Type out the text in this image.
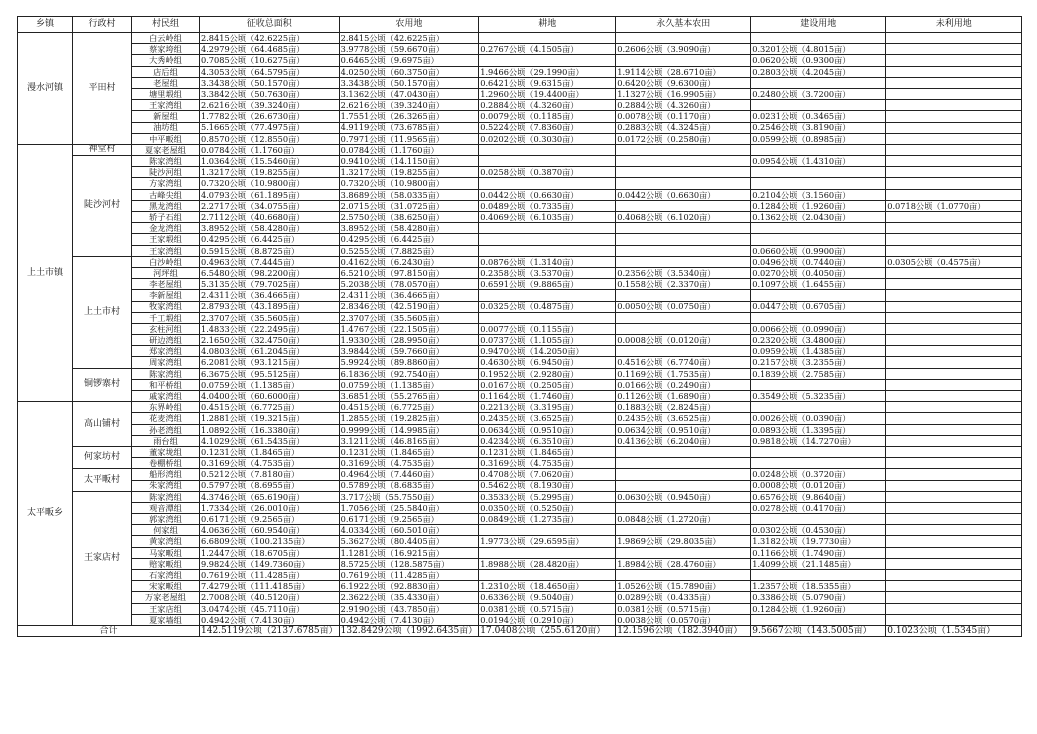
乡镇	行政村	村民组	征收总面积	农用地	耕地	永久基本农田	建设用地	未利用地
漫水河镇	平田村	白云岭组	2.8415公顷（42.6225亩）	2.8415公顷（42.6225亩）				
		蔡家垮组	4.2979公顷（64.4685亩）	3.9778公顷（59.6670亩）	0.2767公顷（4.1505亩）	0.2606公顷（3.9090亩）	0.3201公顷（4.8015亩）	
		大秀岭组	0.7085公顷（10.6275亩）	0.6465公顷（9.6975亩）			0.0620公顷（0.9300亩）	
		店后组	4.3053公顷（64.5795亩）	4.0250公顷（60.3750亩）	1.9466公顷（29.1990亩）	1.9114公顷（28.6710亩）	0.2803公顷（4.2045亩）	
		老屋组	3.3438公顷（50.1570亩）	3.3438公顷（50.1570亩）	0.6421公顷（9.6315亩）	0.6420公顷（9.6300亩）		
		塘里塅组	3.3842公顷（50.7630亩）	3.1362公顷（47.0430亩）	1.2960公顷（19.4400亩）	1.1327公顷（16.9905亩）	0.2480公顷（3.7200亩）	
		王家湾组	2.6216公顷（39.3240亩）	2.6216公顷（39.3240亩）	0.2884公顷（4.3260亩）	0.2884公顷（4.3260亩）		
		新屋组	1.7782公顷（26.6730亩）	1.7551公顷（26.3265亩）	0.0079公顷（0.1185亩）	0.0078公顷（0.1170亩）	0.0231公顷（0.3465亩）	
		油坊组	5.1665公顷（77.4975亩）	4.9119公顷（73.6785亩）	0.5224公顷（7.8360亩）	0.2883公顷（4.3245亩）	0.2546公顷（3.8190亩）	
		中平畈组	0.8570公顷（12.8550亩）	0.7971公顷（11.9565亩）	0.0202公顷（0.3030亩）	0.0172公顷（0.2580亩）	0.0599公顷（0.8985亩）	
上土市镇	禅堂村	夏家老屋组	0.0784公顷（1.1760亩）	0.0784公顷（1.1760亩）				
	陡沙河村	陈家湾组	1.0364公顷（15.5460亩）	0.9410公顷（14.1150亩）			0.0954公顷（1.4310亩）	
		陡沙河组	1.3217公顷（19.8255亩）	1.3217公顷（19.8255亩）	0.0258公顷（0.3870亩）			
		方家湾组	0.7320公顷（10.9800亩）	0.7320公顷（10.9800亩）				
		古峰尖组	4.0793公顷（61.1895亩）	3.8689公顷（58.0335亩）	0.0442公顷（0.6630亩）	0.0442公顷（0.6630亩）	0.2104公顷（3.1560亩）	
		黑龙湾组	2.2717公顷（34.0755亩）	2.0715公顷（31.0725亩）	0.0489公顷（0.7335亩）		0.1284公顷（1.9260亩）	0.0718公顷（1.0770亩）
		轿子石组	2.7112公顷（40.6680亩）	2.5750公顷（38.6250亩）	0.4069公顷（6.1035亩）	0.4068公顷（6.1020亩）	0.1362公顷（2.0430亩）	
		金龙湾组	3.8952公顷（58.4280亩）	3.8952公顷（58.4280亩）				
		王家塅组	0.4295公顷（6.4425亩）	0.4295公顷（6.4425亩）				
		王家湾组	0.5915公顷（8.8725亩）	0.5255公顷（7.8825亩）			0.0660公顷（0.9900亩）	
	上土市村	白沙岭组	0.4963公顷（7.4445亩）	0.4162公顷（6.2430亩）	0.0876公顷（1.3140亩）		0.0496公顷（0.7440亩）	0.0305公顷（0.4575亩）
		河坪组	6.5480公顷（98.2200亩）	6.5210公顷（97.8150亩）	0.2358公顷（3.5370亩）	0.2356公顷（3.5340亩）	0.0270公顷（0.4050亩）	
		李老屋组	5.3135公顷（79.7025亩）	5.2038公顷（78.0570亩）	0.6591公顷（9.8865亩）	0.1558公顷（2.3370亩）	0.1097公顷（1.6455亩）	
		李新屋组	2.4311公顷（36.4665亩）	2.4311公顷（36.4665亩）				
		牧家湾组	2.8793公顷（43.1895亩）	2.8346公顷（42.5190亩）	0.0325公顷（0.4875亩）	0.0050公顷（0.0750亩）	0.0447公顷（0.6705亩）	
		千工塅组	2.3707公顷（35.5605亩）	2.3707公顷（35.5605亩）				
		玄柱河组	1.4833公顷（22.2495亩）	1.4767公顷（22.1505亩）	0.0077公顷（0.1155亩）		0.0066公顷（0.0990亩）	
		研边湾组	2.1650公顷（32.4750亩）	1.9330公顷（28.9950亩）	0.0737公顷（1.1055亩）	0.0008公顷（0.0120亩）	0.2320公顷（3.4800亩）	
		郑家湾组	4.0803公顷（61.2045亩）	3.9844公顷（59.7660亩）	0.9470公顷（14.2050亩）		0.0959公顷（1.4385亩）	
		周家湾组	6.2081公顷（93.1215亩）	5.9924公顷（89.8860亩）	0.4630公顷（6.9450亩）	0.4516公顷（6.7740亩）	0.2157公顷（3.2355亩）	
	铜锣寨村	陈家湾组	6.3675公顷（95.5125亩）	6.1836公顷（92.7540亩）	0.1952公顷（2.9280亩）	0.1169公顷（1.7535亩）	0.1839公顷（2.7585亩）	
		和平桥组	0.0759公顷（1.1385亩）	0.0759公顷（1.1385亩）	0.0167公顷（0.2505亩）	0.0166公顷（0.2490亩）		
		戚家湾组	4.0400公顷（60.6000亩）	3.6851公顷（55.2765亩）	0.1164公顷（1.7460亩）	0.1126公顷（1.6890亩）	0.3549公顷（5.3235亩）	
太平畈乡	高山铺村	东界岭组	0.4515公顷（6.7725亩）	0.4515公顷（6.7725亩）	0.2213公顷（3.3195亩）	0.1883公顷（2.8245亩）		
		花麦湾组	1.2881公顷（19.3215亩）	1.2855公顷（19.2825亩）	0.2435公顷（3.6525亩）	0.2435公顷（3.6525亩）	0.0026公顷（0.0390亩）	
		孙老湾组	1.0892公顷（16.3380亩）	0.9999公顷（14.9985亩）	0.0634公顷（0.9510亩）	0.0634公顷（0.9510亩）	0.0893公顷（1.3395亩）	
		雨台组	4.1029公顷（61.5435亩）	3.1211公顷（46.8165亩）	0.4234公顷（6.3510亩）	0.4136公顷（6.2040亩）	0.9818公顷（14.7270亩）	
	何家坊村	董家垅组	0.1231公顷（1.8465亩）	0.1231公顷（1.8465亩）	0.1231公顷（1.8465亩）			
		卷棚桥组	0.3169公顷（4.7535亩）	0.3169公顷（4.7535亩）	0.3169公顷（4.7535亩）			
	太平畈村	船形湾组	0.5212公顷（7.8180亩）	0.4964公顷（7.4460亩）	0.4708公顷（7.0620亩）		0.0248公顷（0.3720亩）	
		朱家湾组	0.5797公顷（8.6955亩）	0.5789公顷（8.6835亩）	0.5462公顷（8.1930亩）		0.0008公顷（0.0120亩）	
	王家店村	陈家湾组	4.3746公顷（65.6190亩）	3.717公顷（55.7550亩）	0.3533公顷（5.2995亩）	0.0630公顷（0.9450亩）	0.6576公顷（9.8640亩）	
		观音潭组	1.7334公顷（26.0010亩）	1.7056公顷（25.5840亩）	0.0350公顷（0.5250亩）		0.0278公顷（0.4170亩）	
		郭家湾组	0.6171公顷（9.2565亩）	0.6171公顷（9.2565亩）	0.0849公顷（1.2735亩）	0.0848公顷（1.2720亩）		
		何家组	4.0636公顷（60.9540亩）	4.0334公顷（60.5010亩）			0.0302公顷（0.4530亩）	
		黄家湾组	6.6809公顷（100.2135亩）	5.3627公顷（80.4405亩）	1.9773公顷（29.6595亩）	1.9869公顷（29.8035亩）	1.3182公顷（19.7730亩）	
		马家畈组	1.2447公顷（18.6705亩）	1.1281公顷（16.9215亩）			0.1166公顷（1.7490亩）	
		赔家畈组	9.9824公顷（149.7360亩）	8.5725公顷（128.5875亩）	1.8988公顷（28.4820亩）	1.8984公顷（28.4760亩）	1.4099公顷（21.1485亩）	
		石家湾组	0.7619公顷（11.4285亩）	0.7619公顷（11.4285亩）				
		宋家畈组	7.4279公顷（111.4185亩）	6.1922公顷（92.8830亩）	1.2310公顷（18.4650亩）	1.0526公顷（15.7890亩）	1.2357公顷（18.5355亩）	
		万家老屋组	2.7008公顷（40.5120亩）	2.3622公顷（35.4330亩）	0.6336公顷（9.5040亩）	0.0289公顷（0.4335亩）	0.3386公顷（5.0790亩）	
		王家店组	3.0474公顷（45.7110亩）	2.9190公顷（43.7850亩）	0.0381公顷（0.5715亩）	0.0381公顷（0.5715亩）	0.1284公顷（1.9260亩）	
		夏家墙组	0.4942公顷（7.4130亩）	0.4942公顷（7.4130亩）	0.0194公顷（0.2910亩）	0.0038公顷（0.0570亩）		
合计			142.5119公顷（2137.6785亩）	132.8429公顷（1992.6435亩）	17.0408公顷（255.6120亩）	12.1596公顷（182.3940亩）	9.5667公顷（143.5005亩）	0.1023公顷（1.5345亩）
